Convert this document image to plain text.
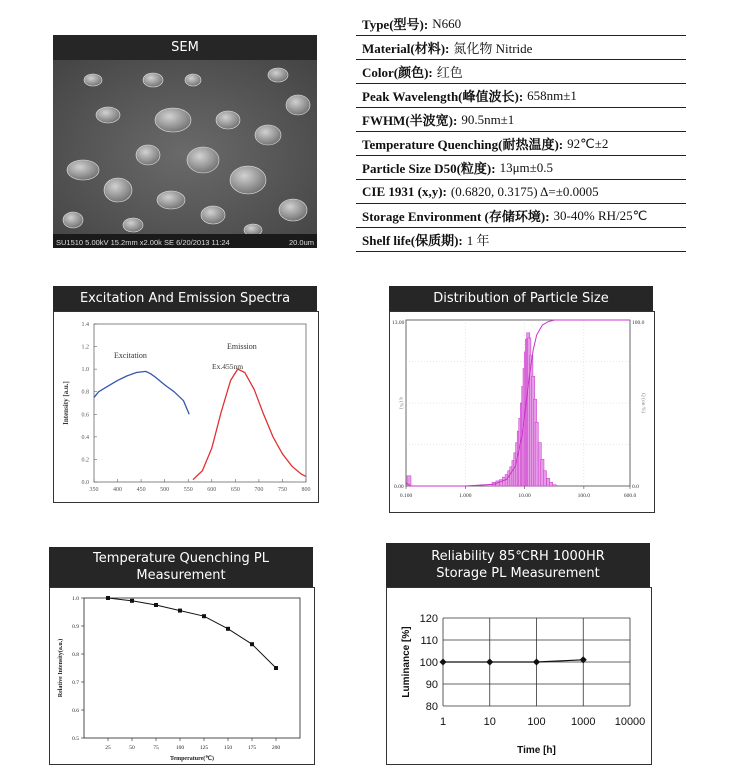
SEM
SU1510 5.00kV 15.2mm x2.00k SE 6/20/2013 11:24	20.0um
Type(型号): N660
Material(材料): 氮化物 Nitride
Color(颜色): 红色
Peak Wavelength(峰值波长): 658nm±1
FWHM(半波宽): 90.5nm±1
Temperature Quenching(耐热温度): 92℃±2
Particle Size D50(粒度): 13μm±0.5
CIE 1931 (x,y): (0.6820, 0.3175) Δ=±0.0005
Storage Environment (存储环境): 30-40% RH/25℃
Shelf life(保质期): 1 年
Excitation And Emission Spectra
0.0
0.2
0.4
0.6
0.8
1.0
1.2
1.4
350 400 450 500 550 600 650 700 750 800
Intensity [a.u.]
Excitation
Emission
Ex.455nm
Distribution of Particle Size
13.00
0.00
100.0
0.0
0.100	1.000	10.00	100.0	600.0
q (%)	Q (on %)
Temperature Quenching PL Measurement
0.5
0.6
0.7
0.8
0.9
1.0
25	50	75	100	125	150	175	200
Temperature(℃)
Relative Intensity(a.u.)
Reliability 85℃RH 1000HR Storage PL Measurement
80
90
100
110
120
1	10	100 1000 10000
Time [h]
Luminance [%]
